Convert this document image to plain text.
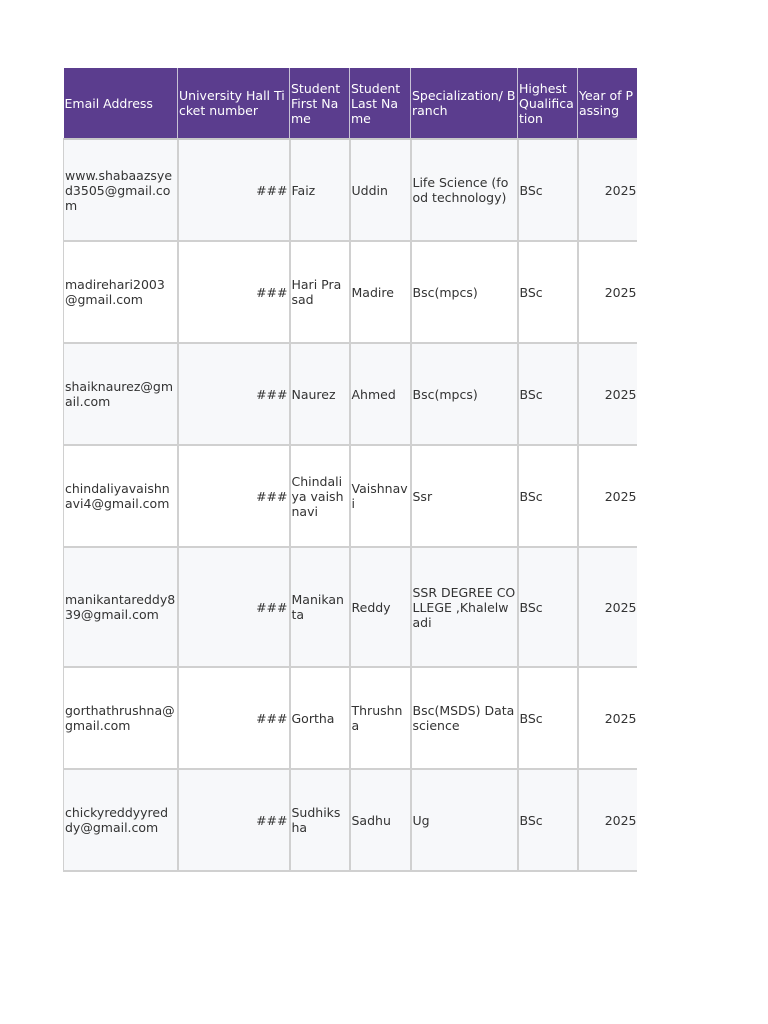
Email Address	University Hall Ticket number	Student First Name	Student Last Name	Specialization/ Branch	Highest Qualification	Year of Passing
www.shabaazsyed3505@gmail.com	###	Faiz	Uddin	Life Science (food technology)	BSc	2025
madirehari2003@gmail.com	###	Hari Prasad	Madire	Bsc(mpcs)	BSc	2025
shaiknaurez@gmail.com	###	Naurez	Ahmed	Bsc(mpcs)	BSc	2025
chindaliyavaishnavi4@gmail.com	###	Chindaliya vaishnavi	Vaishnavi	Ssr	BSc	2025
manikantareddy839@gmail.com	###	Manikanta	Reddy	SSR DEGREE COLLEGE ,Khalelwadi	BSc	2025
gorthathrushna@gmail.com	###	Gortha	Thrushna	Bsc(MSDS) Data science	BSc	2025
chickyreddyyreddy@gmail.com	###	Sudhiksha	Sadhu	Ug	BSc	2025
